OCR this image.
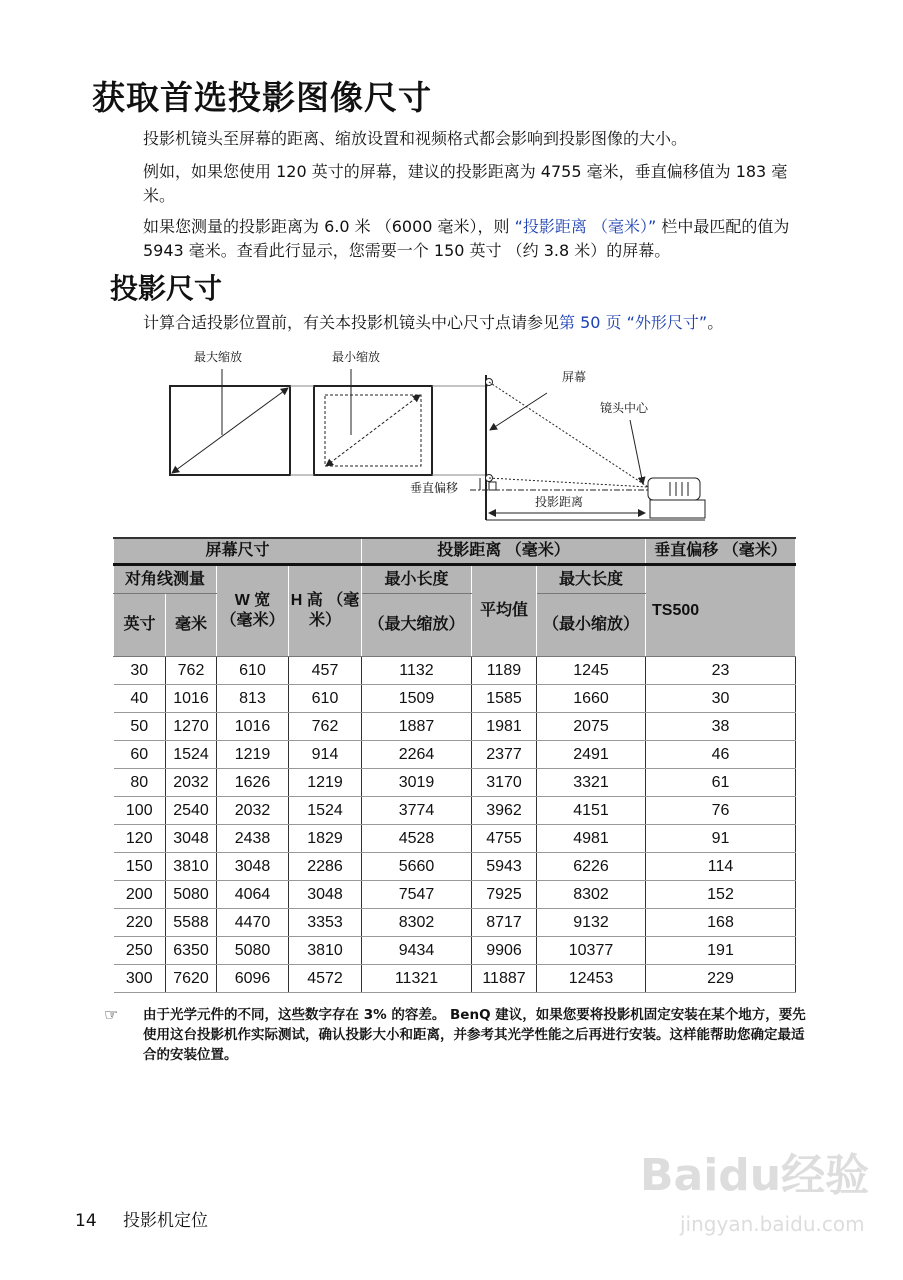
获取首选投影图像尺寸
投影机镜头至屏幕的距离、缩放设置和视频格式都会影响到投影图像的大小。
例如，如果您使用 120 英寸的屏幕，建议的投影距离为 4755 毫米，垂直偏移值为 183 毫米。
如果您测量的投影距离为 6.0 米 （6000 毫米），则 “投影距离 （毫米）” 栏中最匹配的值为 5943 毫米。查看此行显示，您需要一个 150 英寸 （约 3.8 米）的屏幕。
投影尺寸
计算合适投影位置前，有关本投影机镜头中心尺寸点请参见第 50 页 “外形尺寸”。
最大缩放	最小缩放
屏幕
镜头中心
垂直偏移
投影距离
屏幕尺寸				投影距离 （毫米）			垂直偏移 （毫米）
对角线测量		W 宽 （毫米）	H 高 （毫米）	最小长度	平均值	最大长度	TS500
英寸	毫米			（最大缩放）		（最小缩放）	
30	762	610	457	1132	1189	1245	23
40	1016	813	610	1509	1585	1660	30
50	1270	1016	762	1887	1981	2075	38
60	1524	1219	914	2264	2377	2491	46
80	2032	1626	1219	3019	3170	3321	61
100	2540	2032	1524	3774	3962	4151	76
120	3048	2438	1829	4528	4755	4981	91
150	3810	3048	2286	5660	5943	6226	114
200	5080	4064	3048	7547	7925	8302	152
220	5588	4470	3353	8302	8717	9132	168
250	6350	5080	3810	9434	9906	10377	191
300	7620	6096	4572	11321	11887	12453	229
☞ 由于光学元件的不同，这些数字存在 3% 的容差。 BenQ 建议，如果您要将投影机固定安装在某个地方，要先使用这台投影机作实际测试，确认投影大小和距离，并参考其光学性能之后再进行安装。这样能帮助您确定最适合的安装位置。
14 投影机定位
Baidu经验
jingyan.baidu.com
